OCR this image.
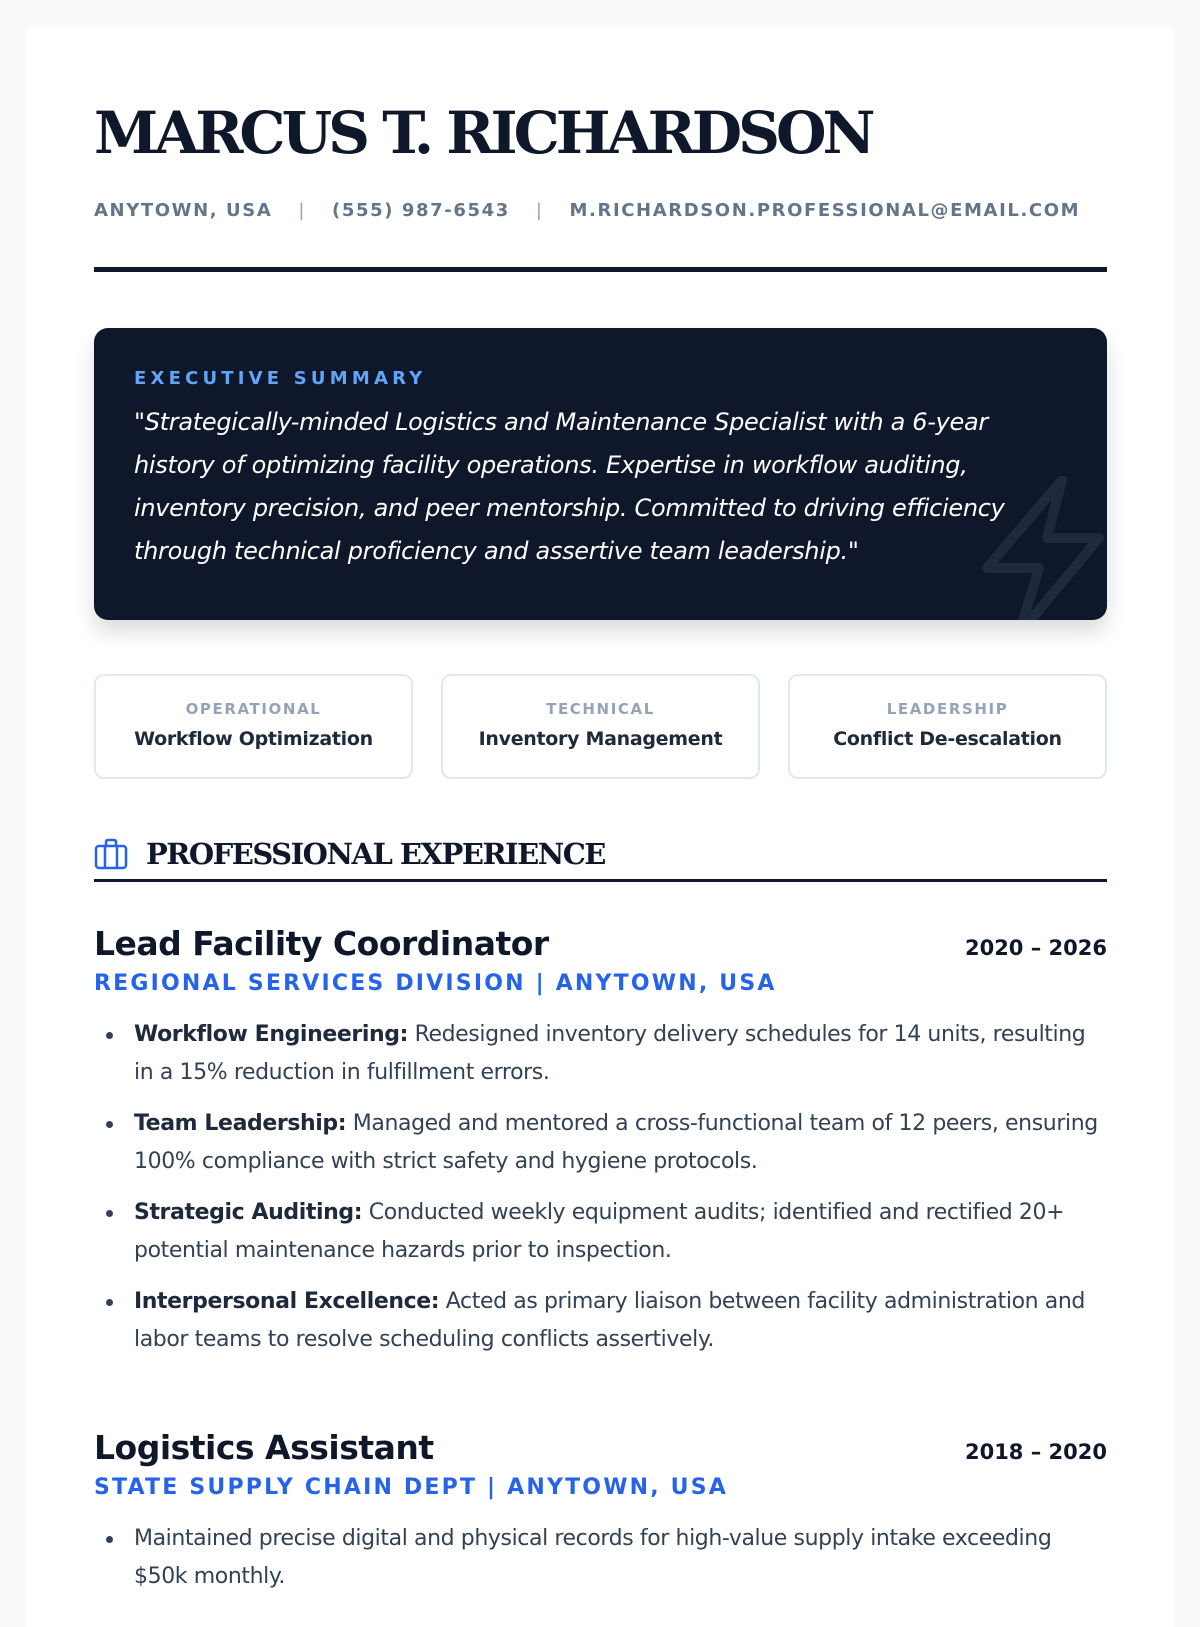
MARCUS T. RICHARDSON
ANYTOWN, USA | (555) 987-6543 | M.RICHARDSON.PROFESSIONAL@EMAIL.COM
EXECUTIVE SUMMARY

"Strategically-minded Logistics and Maintenance Specialist with a 6-year history of optimizing facility operations. Expertise in workflow auditing, inventory precision, and peer mentorship. Committed to driving efficiency through technical proficiency and assertive team leadership."

OPERATIONAL
Workflow Optimization
TECHNICAL
Inventory Management
LEADERSHIP
Conflict De-escalation
PROFESSIONAL EXPERIENCE
Lead Facility Coordinator	2020 – 2026
REGIONAL SERVICES DIVISION | ANYTOWN, USA
Workflow Engineering: Redesigned inventory delivery schedules for 14 units, resulting in a 15% reduction in fulfillment errors.
Team Leadership: Managed and mentored a cross-functional team of 12 peers, ensuring 100% compliance with strict safety and hygiene protocols.
Strategic Auditing: Conducted weekly equipment audits; identified and rectified 20+ potential maintenance hazards prior to inspection.
Interpersonal Excellence: Acted as primary liaison between facility administration and labor teams to resolve scheduling conflicts assertively.
Logistics Assistant	2018 – 2020
STATE SUPPLY CHAIN DEPT | ANYTOWN, USA
Maintained precise digital and physical records for high-value supply intake exceeding $50k monthly.
